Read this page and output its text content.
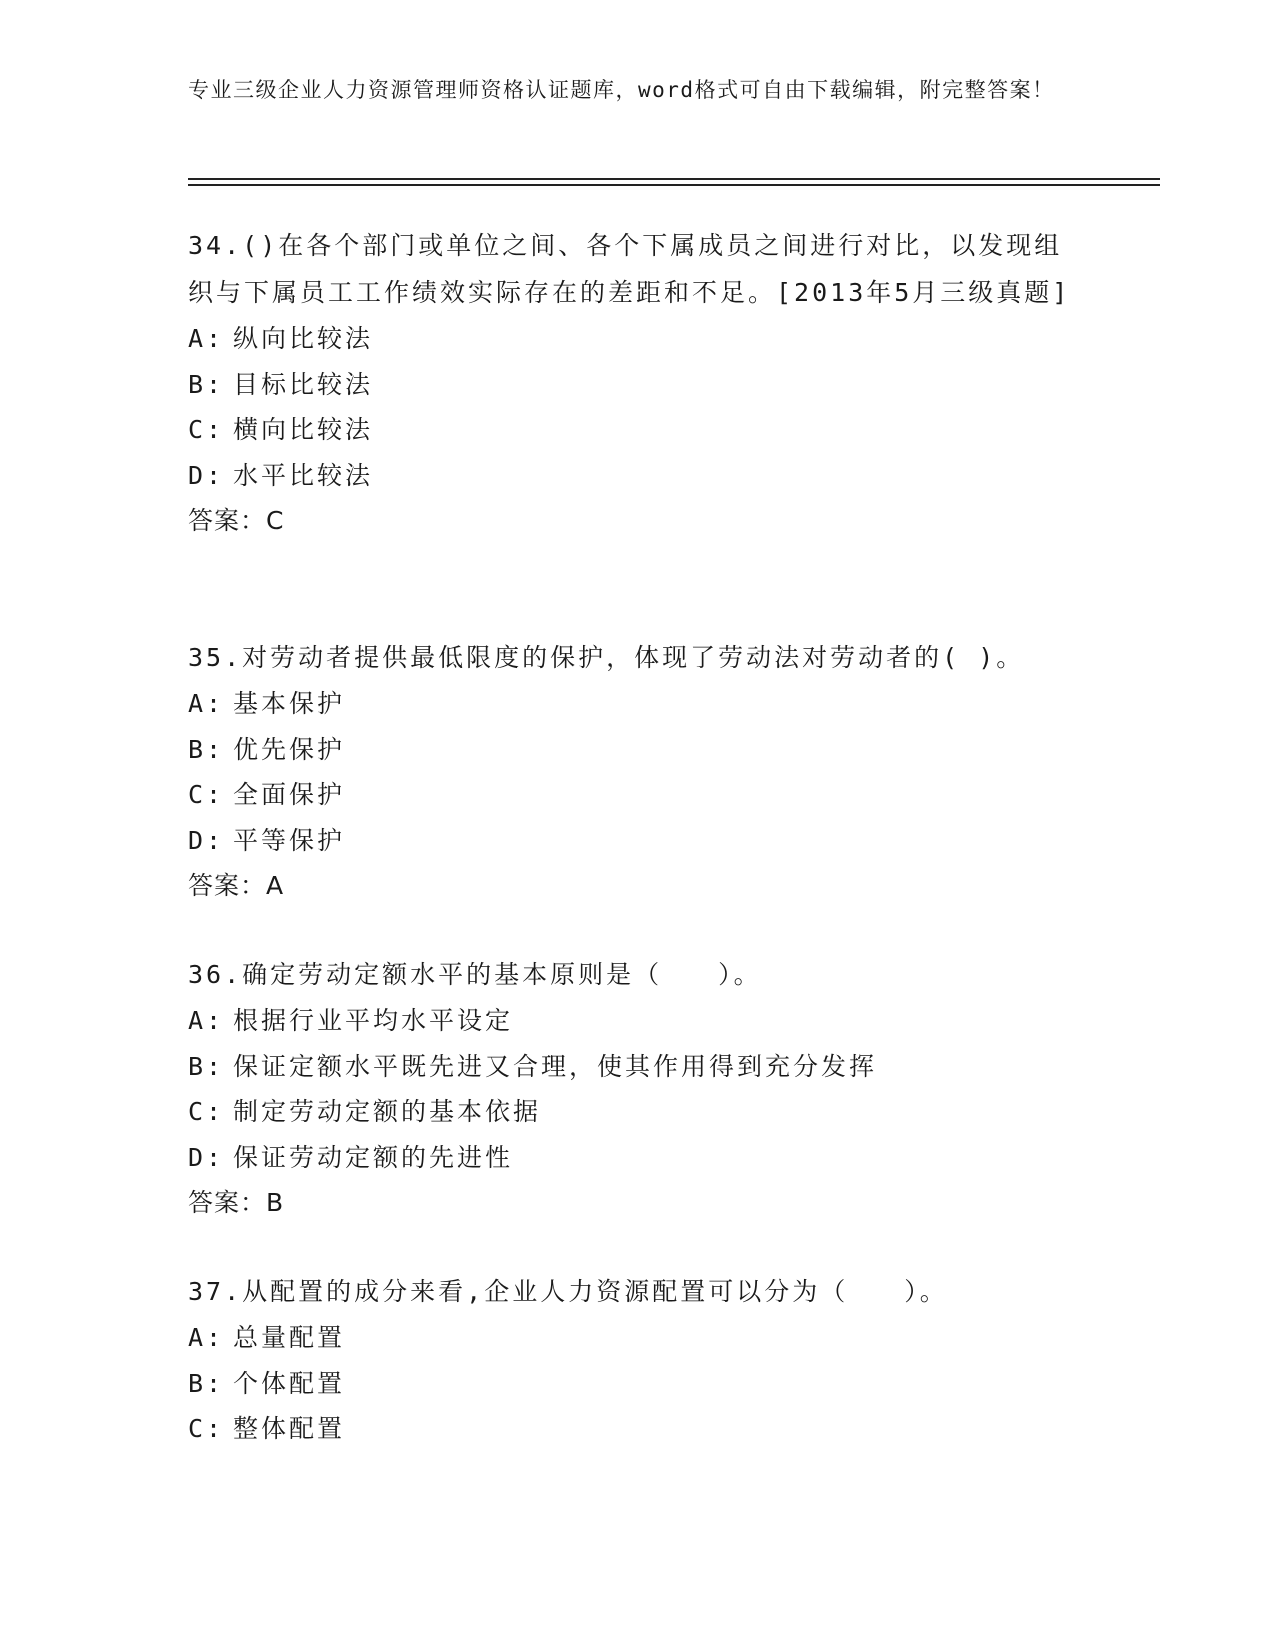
专业三级企业人力资源管理师资格认证题库，word格式可自由下载编辑，附完整答案！

34.()在各个部门或单位之间、各个下属成员之间进行对比，以发现组织与下属员工工作绩效实际存在的差距和不足。[2013年5月三级真题]

A: 纵向比较法

B: 目标比较法

C: 横向比较法

D: 水平比较法

答案：C

35.对劳动者提供最低限度的保护，体现了劳动法对劳动者的( )。

A: 基本保护

B: 优先保护

C: 全面保护

D: 平等保护

答案：A

36.确定劳动定额水平的基本原则是（　　）。

A: 根据行业平均水平设定

B: 保证定额水平既先进又合理，使其作用得到充分发挥

C: 制定劳动定额的基本依据

D: 保证劳动定额的先进性

答案：B

37.从配置的成分来看,企业人力资源配置可以分为（　　）。

A: 总量配置

B: 个体配置

C: 整体配置
